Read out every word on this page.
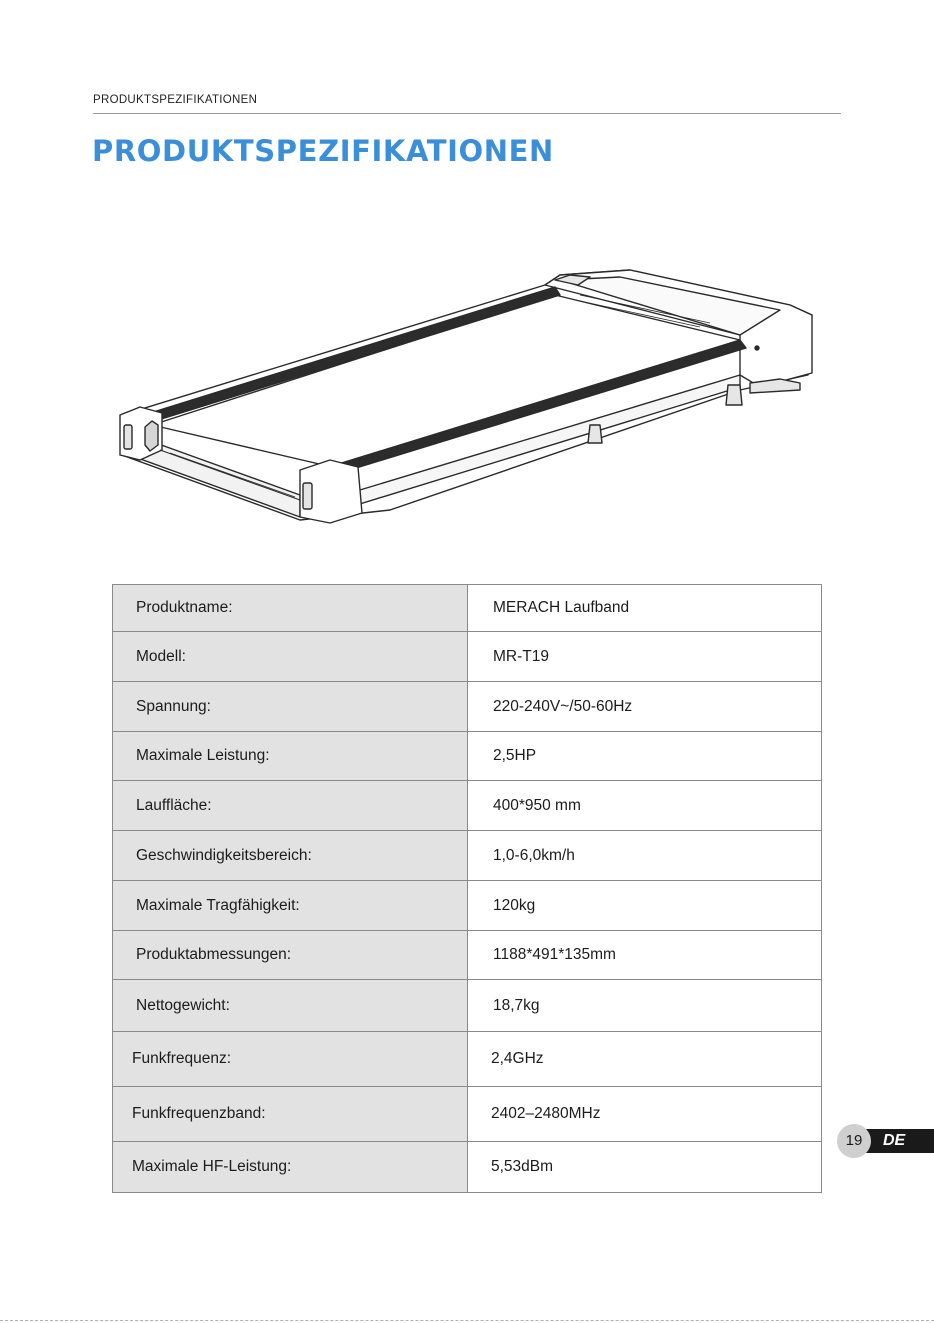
PRODUKTSPEZIFIKATIONEN
PRODUKTSPEZIFIKATIONEN
Produktname:	MERACH Laufband
Modell:	MR-T19
Spannung:	220-240V~/50-60Hz
Maximale Leistung:	2,5HP
Lauffläche:	400*950 mm
Geschwindigkeitsbereich:	1,0-6,0km/h
Maximale Tragfähigkeit:	120kg
Produktabmessungen:	1188*491*135mm
Nettogewicht:	18,7kg
Funkfrequenz:	2,4GHz
Funkfrequenzband:	2402–2480MHz
Maximale HF-Leistung:	5,53dBm
DE
19
